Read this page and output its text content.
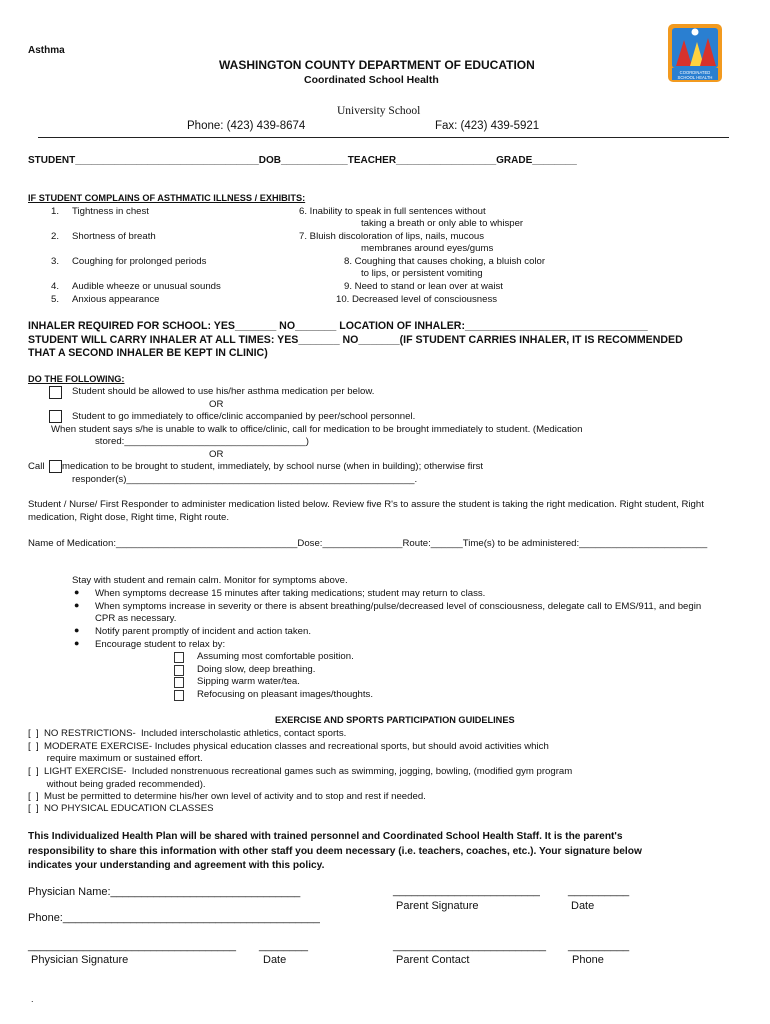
Asthma
WASHINGTON COUNTY DEPARTMENT OF EDUCATION
Coordinated School Health
University School
Phone: (423) 439-8674	Fax: (423) 439-5921
COORDINATED
SCHOOL HEALTH
STUDENT_________________________________DOB____________TEACHER__________________GRADE________
IF STUDENT COMPLAINS OF ASTHMATIC ILLNESS / EXHIBITS:
1. Tightness in chest
2. Shortness of breath
3. Coughing for prolonged periods
4. Audible wheeze or unusual sounds
5. Anxious appearance
6. Inability to speak in full sentences without
taking a breath or only able to whisper
7. Bluish discoloration of lips, nails, mucous
membranes around eyes/gums
8. Coughing that causes choking, a bluish color
to lips, or persistent vomiting
9. Need to stand or lean over at waist
10. Decreased level of consciousness
INHALER REQUIRED FOR SCHOOL: YES_______ NO_______ LOCATION OF INHALER:_______________________________
STUDENT WILL CARRY INHALER AT ALL TIMES: YES_______ NO_______(IF STUDENT CARRIES INHALER, IT IS RECOMMENDED
THAT A SECOND INHALER BE KEPT IN CLINIC)
DO THE FOLLOWING:
Student should be allowed to use his/her asthma medication per below.
OR
Student to go immediately to office/clinic accompanied by peer/school personnel.
When student says s/he is unable to walk to office/clinic, call for medication to be brought immediately to student. (Medication
stored:__________________________________)
OR
Call medication to be brought to student, immediately, by school nurse (when in building); otherwise first
responder(s)______________________________________________________.
Student / Nurse/ First Responder to administer medication listed below. Review five R's to assure the student is taking the right medication. Right student, Right
medication, Right dose, Right time, Right route.
Name of Medication:__________________________________Dose:_______________Route:______Time(s) to be administered:________________________
Stay with student and remain calm. Monitor for symptoms above.
● When symptoms decrease 15 minutes after taking medications; student may return to class.
● When symptoms increase in severity or there is absent breathing/pulse/decreased level of consciousness, delegate call to EMS/911, and begin
CPR as necessary.
● Notify parent promptly of incident and action taken.
● Encourage student to relax by:
Assuming most comfortable position.
Doing slow, deep breathing.
Sipping warm water/tea.
Refocusing on pleasant images/thoughts.
EXERCISE AND SPORTS PARTICIPATION GUIDELINES
[  ]  NO RESTRICTIONS-  Included interscholastic athletics, contact sports.
[  ]  MODERATE EXERCISE- Includes physical education classes and recreational sports, but should avoid activities which
require maximum or sustained effort.
[  ]  LIGHT EXERCISE-  Included nonstrenuous recreational games such as swimming, jogging, bowling, (modified gym program
without being graded recommended).
[  ]  Must be permitted to determine his/her own level of activity and to stop and rest if needed.
[  ]  NO PHYSICAL EDUCATION CLASSES
This Individualized Health Plan will be shared with trained personnel and Coordinated School Health Staff. It is the parent's
responsibility to share this information with other staff you deem necessary (i.e. teachers, coaches, etc.). Your signature below
indicates your understanding and agreement with this policy.
Physician Name:_______________________________	________________________	__________
Parent Signature	Date
Phone:__________________________________________
__________________________________ ________	_________________________ __________
Physician Signature	Date	Parent Contact	Phone
.
